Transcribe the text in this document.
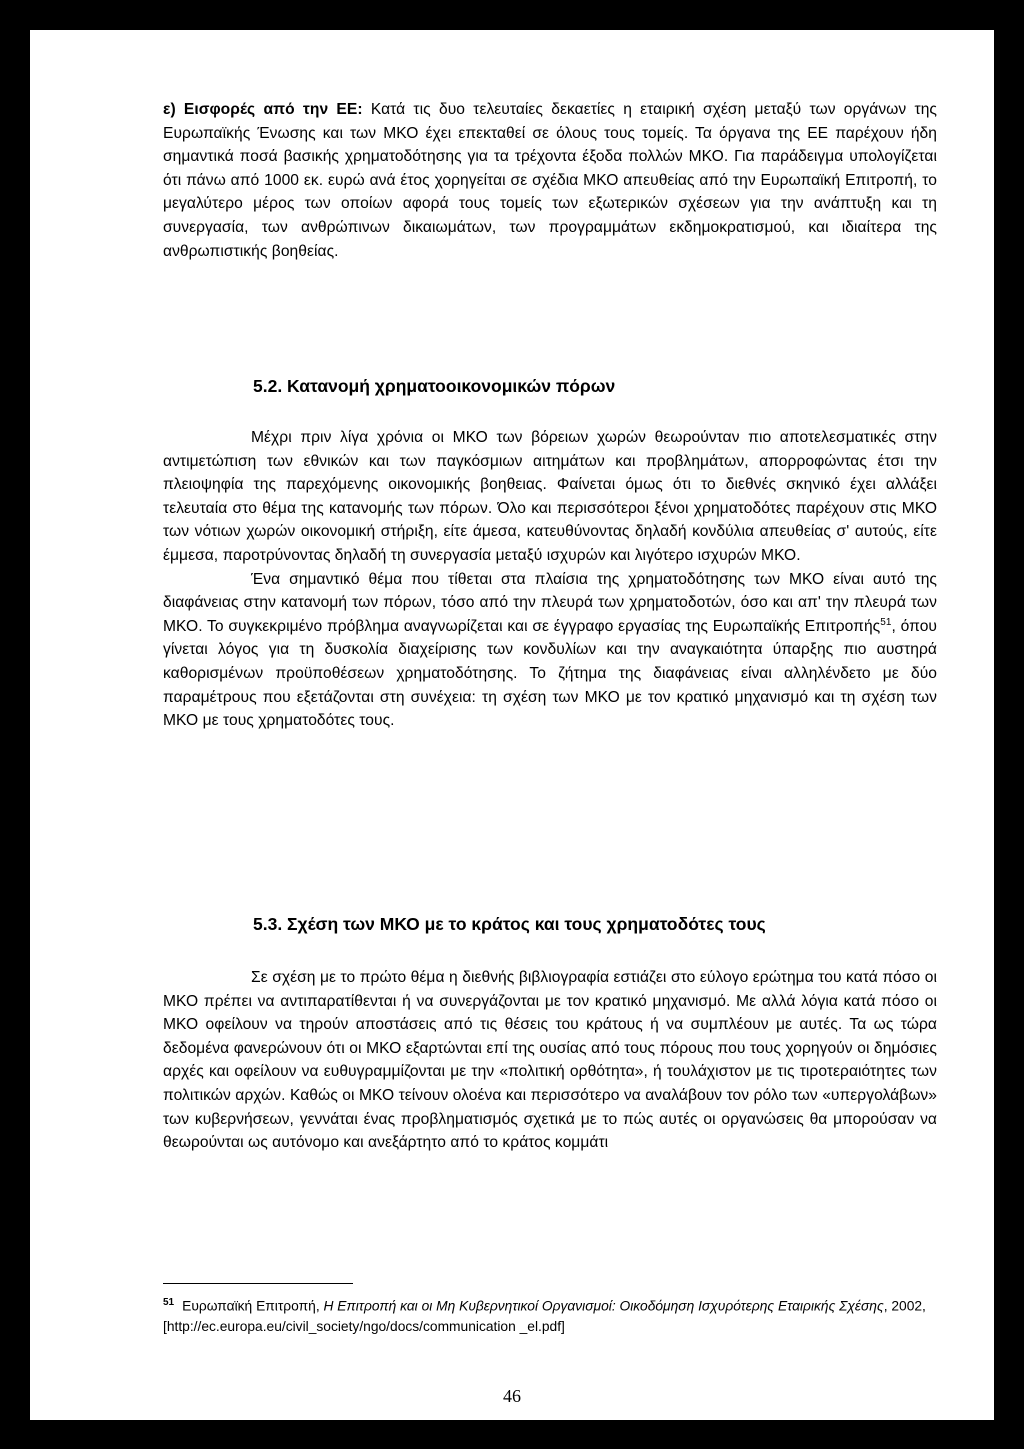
ε) Εισφορές από την ΕΕ: Κατά τις δυο τελευταίες δεκαετίες η εταιρική σχέση μεταξύ των οργάνων της Ευρωπαϊκής Ένωσης και των ΜΚΟ έχει επεκταθεί σε όλους τους τομείς. Τα όργανα της ΕΕ παρέχουν ήδη σημαντικά ποσά βασικής χρηματοδότησης για τα τρέχοντα έξοδα πολλών ΜΚΟ. Για παράδειγμα υπολογίζεται ότι πάνω από 1000 εκ. ευρώ ανά έτος χορηγείται σε σχέδια ΜΚΟ απευθείας από την Ευρωπαϊκή Επιτροπή, το μεγαλύτερο μέρος των οποίων αφορά τους τομείς των εξωτερικών σχέσεων για την ανάπτυξη και τη συνεργασία, των ανθρώπινων δικαιωμάτων, των προγραμμάτων εκδημοκρατισμού, και ιδιαίτερα της ανθρωπιστικής βοηθείας.

5.2. Κατανομή χρηματοοικονομικών πόρων

Μέχρι πριν λίγα χρόνια οι ΜΚΟ των βόρειων χωρών θεωρούνταν πιο αποτελεσματικές στην αντιμετώπιση των εθνικών και των παγκόσμιων αιτημάτων και προβλημάτων, απορροφώντας έτσι την πλειοψηφία της παρεχόμενης οικονομικής βοηθειας. Φαίνεται όμως ότι το διεθνές σκηνικό έχει αλλάξει τελευταία στο θέμα της κατανομής των πόρων. Όλο και περισσότεροι ξένοι χρηματοδότες παρέχουν στις ΜΚΟ των νότιων χωρών οικονομική στήριξη, είτε άμεσα, κατευθύνοντας δηλαδή κονδύλια απευθείας σ' αυτούς, είτε έμμεσα, παροτρύνοντας δηλαδή τη συνεργασία μεταξύ ισχυρών και λιγότερο ισχυρών ΜΚΟ.

Ένα σημαντικό θέμα που τίθεται στα πλαίσια της χρηματοδότησης των ΜΚΟ είναι αυτό της διαφάνειας στην κατανομή των πόρων, τόσο από την πλευρά των χρηματοδοτών, όσο και απ' την πλευρά των ΜΚΟ. Το συγκεκριμένο πρόβλημα αναγνωρίζεται και σε έγγραφο εργασίας της Ευρωπαϊκής Επιτροπής$^{51}$, όπου γίνεται λόγος για τη δυσκολία διαχείρισης των κονδυλίων και την αναγκαιότητα ύπαρξης πιο αυστηρά καθορισμένων προϋποθέσεων χρηματοδότησης. Το ζήτημα της διαφάνειας είναι αλληλένδετο με δύο παραμέτρους που εξετάζονται στη συνέχεια: τη σχέση των ΜΚΟ με τον κρατικό μηχανισμό και τη σχέση των ΜΚΟ με τους χρηματοδότες τους.

5.3. Σχέση των ΜΚΟ με το κράτος και τους χρηματοδότες τους

Σε σχέση με το πρώτο θέμα η διεθνής βιβλιογραφία εστιάζει στο εύλογο ερώτημα του κατά πόσο οι ΜΚΟ πρέπει να αντιπαρατίθενται ή να συνεργάζονται με τον κρατικό μηχανισμό. Με αλλά λόγια κατά πόσο οι ΜΚΟ οφείλουν να τηρούν αποστάσεις από τις θέσεις του κράτους ή να συμπλέουν με αυτές. Τα ως τώρα δεδομένα φανερώνουν ότι οι ΜΚΟ εξαρτώνται επί της ουσίας από τους πόρους που τους χορηγούν οι δημόσιες αρχές και οφείλουν να ευθυγραμμίζονται με την «πολιτική ορθότητα», ή τουλάχιστον με τις τιροτεραιότητες των πολιτικών αρχών. Καθώς οι ΜΚΟ τείνουν ολοένα και περισσότερο να αναλάβουν τον ρόλο των «υπεργολάβων» των κυβερνήσεων, γεννάται ένας προβληματισμός σχετικά με το πώς αυτές οι οργανώσεις θα μπορούσαν να θεωρούνται ως αυτόνομο και ανεξάρτητο από το κράτος κομμάτι

$^{51}$ Ευρωπαϊκή Επιτροπή, Η Επιτροπή και οι Μη Κυβερνητικοί Οργανισμοί: Οικοδόμηση Ισχυρότερης Εταιρικής Σχέσης, 2002, [http://ec.europa.eu/civil_society/ngo/docs/communication _el.pdf]

46
